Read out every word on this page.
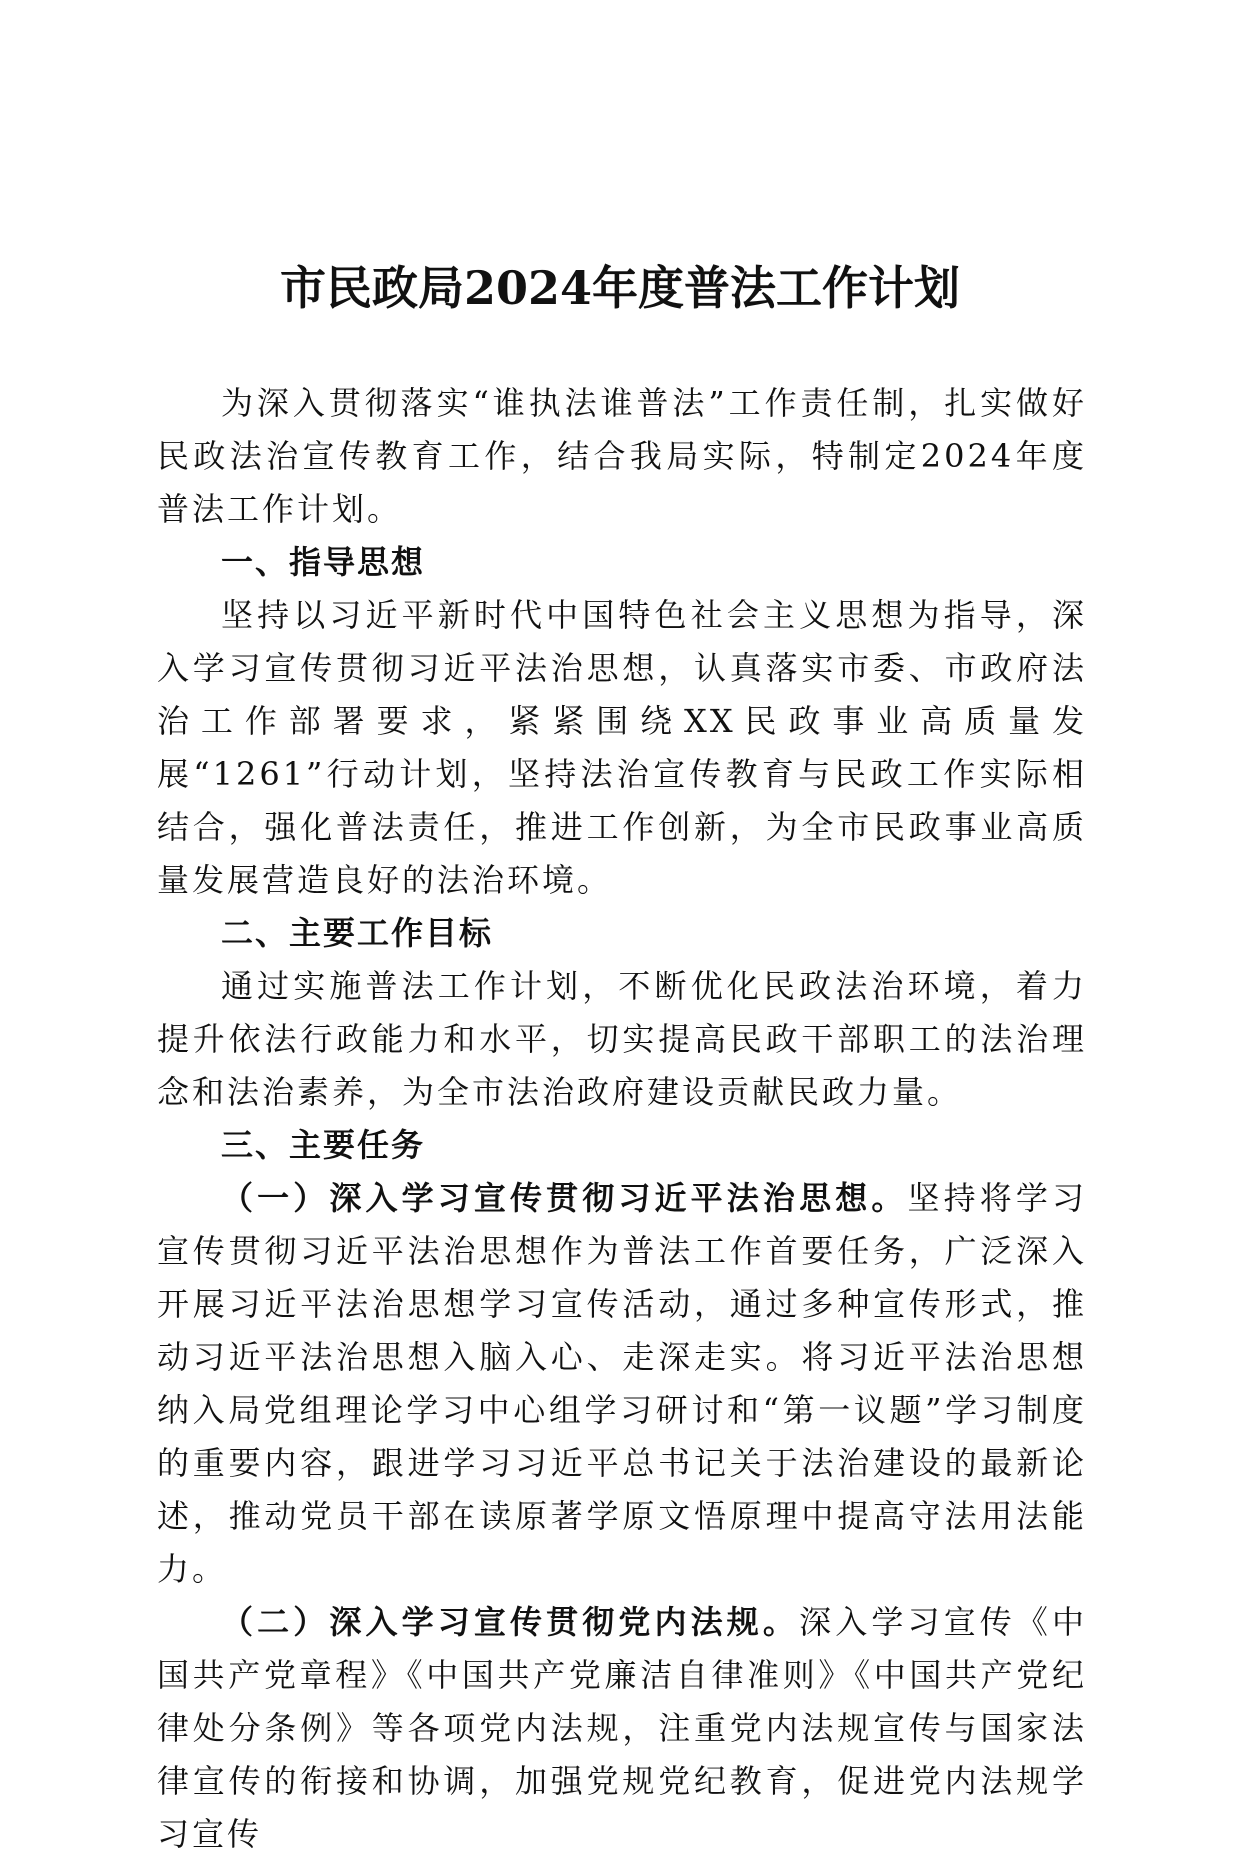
市民政局2024年度普法工作计划

为深入贯彻落实“谁执法谁普法”工作责任制，扎实做好民政法治宣传教育工作，结合我局实际，特制定2024年度普法工作计划。

一、指导思想

坚持以习近平新时代中国特色社会主义思想为指导，深入学习宣传贯彻习近平法治思想，认真落实市委、市政府法治工作部署要求，紧紧围绕XX民政事业高质量发展“1261”行动计划，坚持法治宣传教育与民政工作实际相结合，强化普法责任，推进工作创新，为全市民政事业高质量发展营造良好的法治环境。

二、主要工作目标

通过实施普法工作计划，不断优化民政法治环境，着力提升依法行政能力和水平，切实提高民政干部职工的法治理念和法治素养，为全市法治政府建设贡献民政力量。

三、主要任务

（一）深入学习宣传贯彻习近平法治思想。坚持将学习宣传贯彻习近平法治思想作为普法工作首要任务，广泛深入开展习近平法治思想学习宣传活动，通过多种宣传形式，推动习近平法治思想入脑入心、走深走实。将习近平法治思想纳入局党组理论学习中心组学习研讨和“第一议题”学习制度的重要内容，跟进学习习近平总书记关于法治建设的最新论述，推动党员干部在读原著学原文悟原理中提高守法用法能力。

（二）深入学习宣传贯彻党内法规。深入学习宣传《中国共产党章程》《中国共产党廉洁自律准则》《中国共产党纪律处分条例》等各项党内法规，注重党内法规宣传与国家法律宣传的衔接和协调，加强党规党纪教育，促进党内法规学习宣传
